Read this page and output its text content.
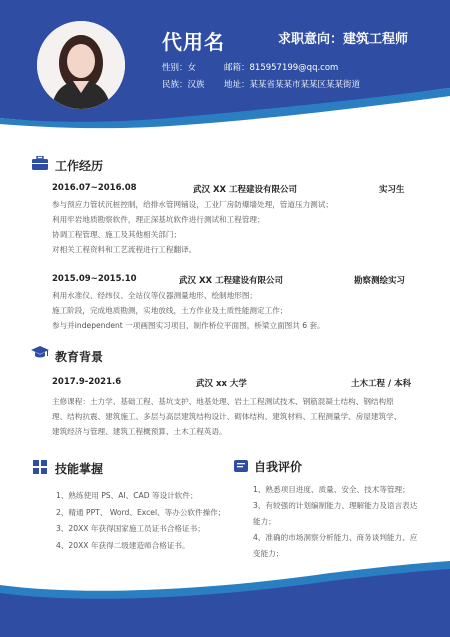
代用名	求职意向：建筑工程师
性别：女	邮箱：815957199@qq.com
民族：汉族 地址：某某省某某市某某区某某街道
工作经历
2016.07~2016.08	武汉 XX 工程建设有限公司	实习生
参与预应力管状沉桩控制，给排水管网铺设，工业厂房防爆墙处理，管道压力测试；
利用牢岩地质勘察软件，理正深基坑软件进行测试和工程管理；
协调工程管理、施工及其他相关部门；
对相关工程资料和工艺流程进行工程翻译。
2015.09~2015.10	武汉 XX 工程建设有限公司	勘察测绘实习
利用水准仪、经纬仪、全站仪等仪器测量地形、绘制地形图；
施工阶段，完成地质勘测，实地放线，土方作业及土质性能测定工作；
参与并independent 一项画图实习项目，制作桥位平面图，桥梁立面图共 6 套。
教育背景
2017.9-2021.6	武汉 xx 大学	土木工程 / 本科
主修课程：土力学、基础工程、基坑支护、地基处理、岩土工程测试技术、钢筋混凝土结构、钢结构原
理、结构抗震、建筑施工、多层与高层建筑结构设计、砌体结构、建筑材料、工程测量学、房屋建筑学、
建筑经济与管理、建筑工程概预算、土木工程英语。
技能掌握
1、熟练使用 PS、AI、CAD 等设计软件；
2、精通 PPT、 Word、Excel、等办公软件操作；
3、20XX 年获得国家施工员证书合格证书；
4、20XX 年获得二级建造师合格证书。
自我评价
1、熟悉项目进度、质量、安全、技术等管理；
3、有较强的计划编制能力、理解能力及语言表达
能力；
4、准确的市场洞察分析能力、商务谈判能力、应
变能力；
